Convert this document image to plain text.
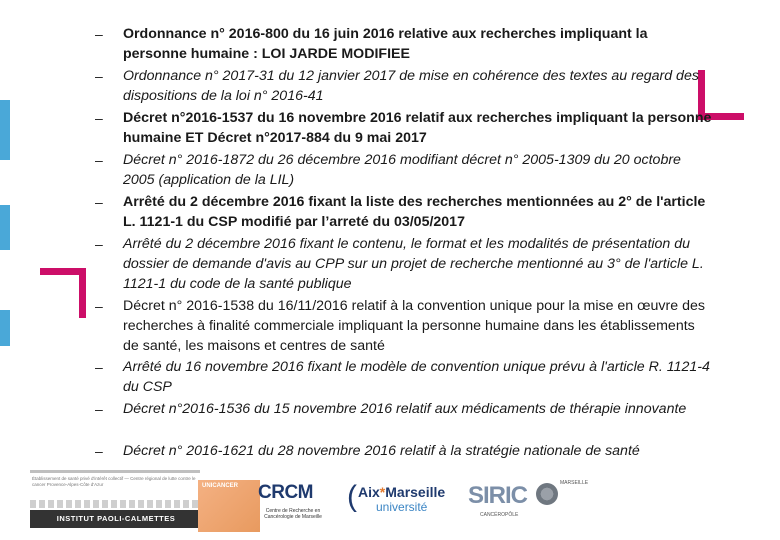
– Ordonnance n° 2016-800 du 16 juin 2016 relative aux recherches impliquant la personne humaine : LOI JARDE MODIFIEE
– Ordonnance n° 2017-31 du 12 janvier 2017 de mise en cohérence des textes au regard des dispositions de la loi n° 2016-41
– Décret n°2016-1537 du 16 novembre 2016 relatif aux recherches impliquant la personne humaine ET Décret n°2017-884 du 9 mai 2017
– Décret n° 2016-1872 du 26 décembre 2016 modifiant décret n° 2005-1309 du 20 octobre 2005 (application de la LIL)
– Arrêté du 2 décembre 2016 fixant la liste des recherches mentionnées au 2° de l'article L. 1121-1 du CSP modifié par l’arreté du 03/05/2017
– Arrêté du 2 décembre 2016 fixant le contenu, le format et les modalités de présentation du dossier de demande d'avis au CPP sur un projet de recherche mentionné au 3° de l'article L. 1121-1 du code de la santé publique
– Décret n° 2016-1538 du 16/11/2016 relatif à la convention unique pour la mise en œuvre des recherches à finalité commerciale impliquant la personne humaine dans les établissements de santé, les maisons et centres de santé
– Arrêté du 16 novembre 2016 fixant le modèle de convention unique prévu à l'article R. 1121-4 du CSP
– Décret n°2016-1536 du 15 novembre 2016 relatif aux médicaments de thérapie innovante
– Décret n° 2016-1621 du 28 novembre 2016 relatif à la stratégie nationale de santé
Établissement de santé privé d'intérêt collectif — Centre régional de lutte contre le cancer Provence-Alpes-Côte d'Azur
INSTITUT PAOLI-CALMETTES
UNICANCER CRCM
Centre de Recherche en Cancérologie de Marseille
( Aix*Marseille
université SIRIC
CANCÉROPÔLE
MARSEILLE
